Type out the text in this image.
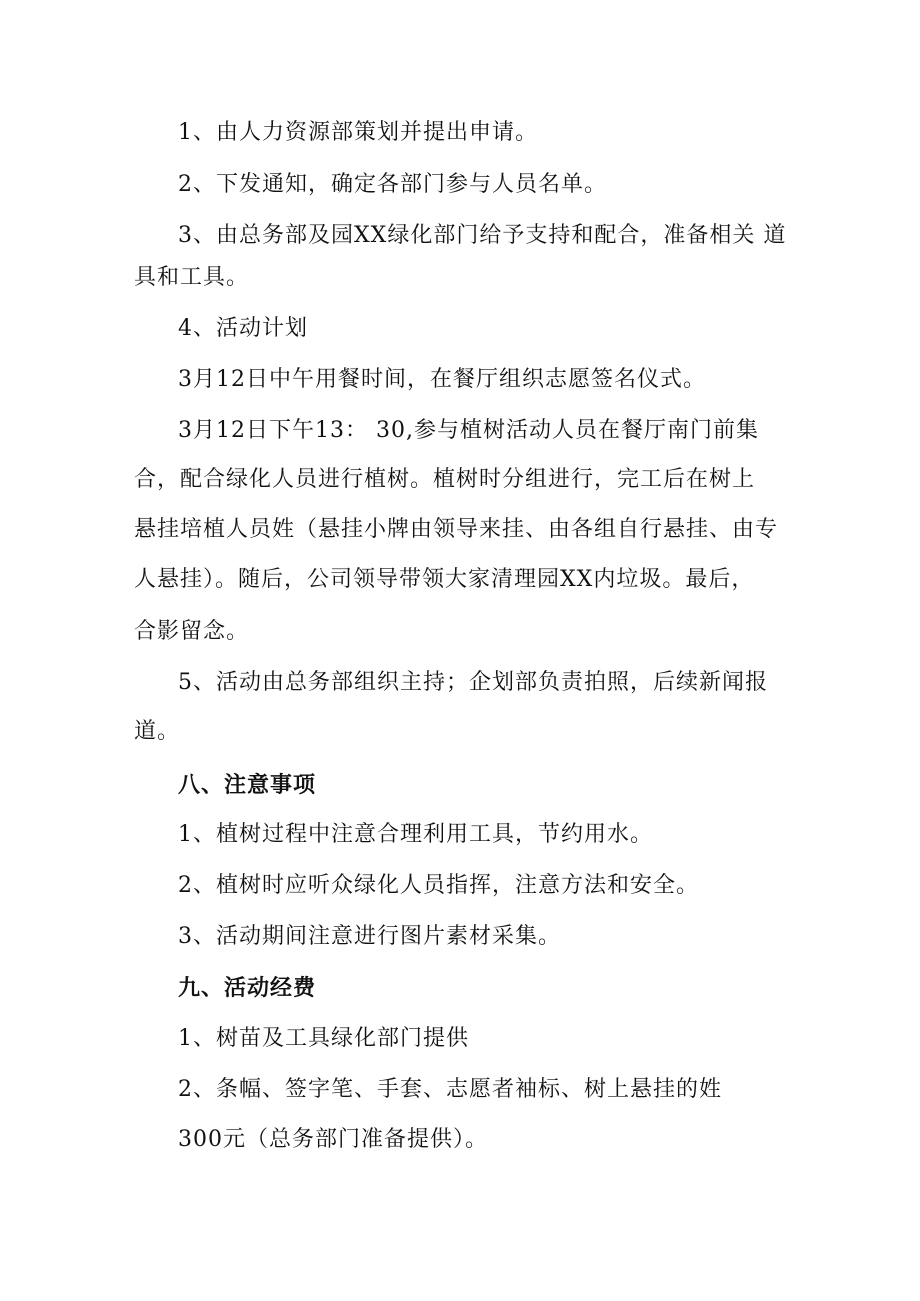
1、由人力资源部策划并提出申请。
2、下发通知，确定各部门参与人员名单。
3、由总务部及园XX绿化部门给予支持和配合，准备相关 道
具和工具。
4、活动计划
3月12日中午用餐时间，在餐厅组织志愿签名仪式。
3月12日下午13： 30,参与植树活动人员在餐厅南门前集
合，配合绿化人员进行植树。植树时分组进行，完工后在树上
悬挂培植人员姓（悬挂小牌由领导来挂、由各组自行悬挂、由专
人悬挂）。随后，公司领导带领大家清理园XX内垃圾。最后，
合影留念。
5、活动由总务部组织主持；企划部负责拍照，后续新闻报
道。
八、注意事项
1、植树过程中注意合理利用工具，节约用水。
2、植树时应听众绿化人员指挥，注意方法和安全。
3、活动期间注意进行图片素材采集。
九、活动经费
1、树苗及工具绿化部门提供
2、条幅、签字笔、手套、志愿者袖标、树上悬挂的姓
300元（总务部门准备提供）。
